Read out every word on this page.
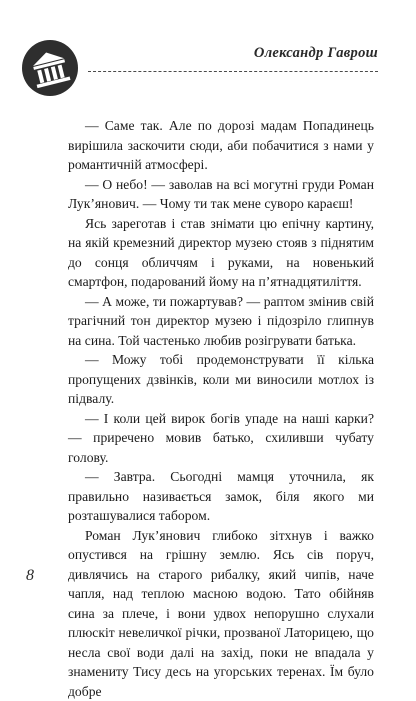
Олександр Гаврош

— Саме так. Але по дорозі мадам Попадинець вирішила заскочити сюди, аби побачитися з нами у романтичній атмосфері.

— О небо! — заволав на всі могутні груди Роман Лук’янович. — Чому ти так мене суворо караєш!

Ясь зареготав і став знімати цю епічну картину, на якій кремезний директор музею стояв з піднятим до сонця обличчям і руками, на новенький смартфон, подарований йому на п’ятнадцятиліття.

— А може, ти пожартував? — раптом змінив свій трагічний тон директор музею і підозріло глипнув на сина. Той частенько любив розігрувати батька.

— Можу тобі продемонструвати її кілька пропущених дзвінків, коли ми виносили мотлох із підвалу.

— І коли цей вирок богів упаде на наші карки? — приречено мовив батько, схиливши чубату голову.

— Завтра. Сьогодні мамця уточнила, як правильно називається замок, біля якого ми розташувалися табором.

Роман Лук’янович глибоко зітхнув і важко опустився на грішну землю. Ясь сів поруч, дивлячись на старого рибалку, який чипів, наче чапля, над теплою масною водою. Тато обійняв сина за плече, і вони удвох непорушно слухали плюскіт невеличкої річки, прозваної Латорицею, що несла свої води далі на захід, поки не впадала у знамениту Тису десь на угорських теренах. Їм було добре

8
